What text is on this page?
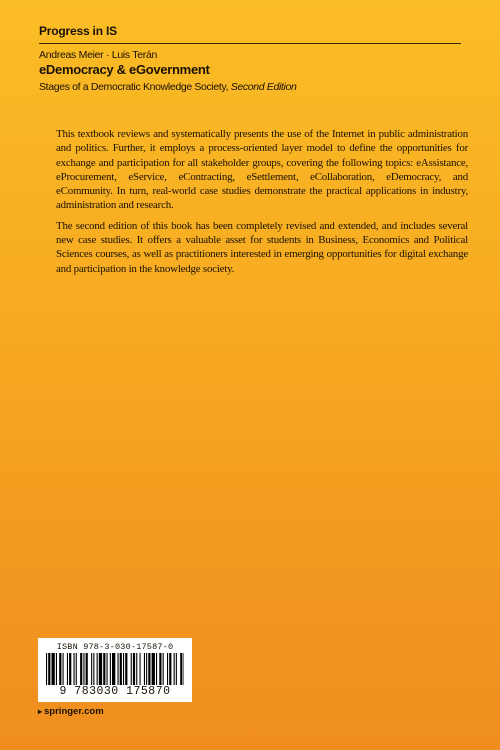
Progress in IS
Andreas Meier · Luis Terán
eDemocracy & eGovernment
Stages of a Democratic Knowledge Society, Second Edition

This textbook reviews and systematically presents the use of the Internet in public administration and politics. Further, it employs a process-oriented layer model to define the opportunities for exchange and participation for all stakeholder groups, covering the following topics: eAssistance, eProcurement, eService, eContracting, eSettlement, eCollaboration, eDemocracy, and eCommunity. In turn, real-world case studies demonstrate the practical applications in industry, administration and research.

The second edition of this book has been completely revised and extended, and includes several new case studies. It offers a valuable asset for students in Business, Economics and Political Sciences courses, as well as practitioners interested in emerging opportunities for digital exchange and participation in the knowledge society.

ISBN 978-3-030-17587-0
9 783030 175870
▸ springer.com
